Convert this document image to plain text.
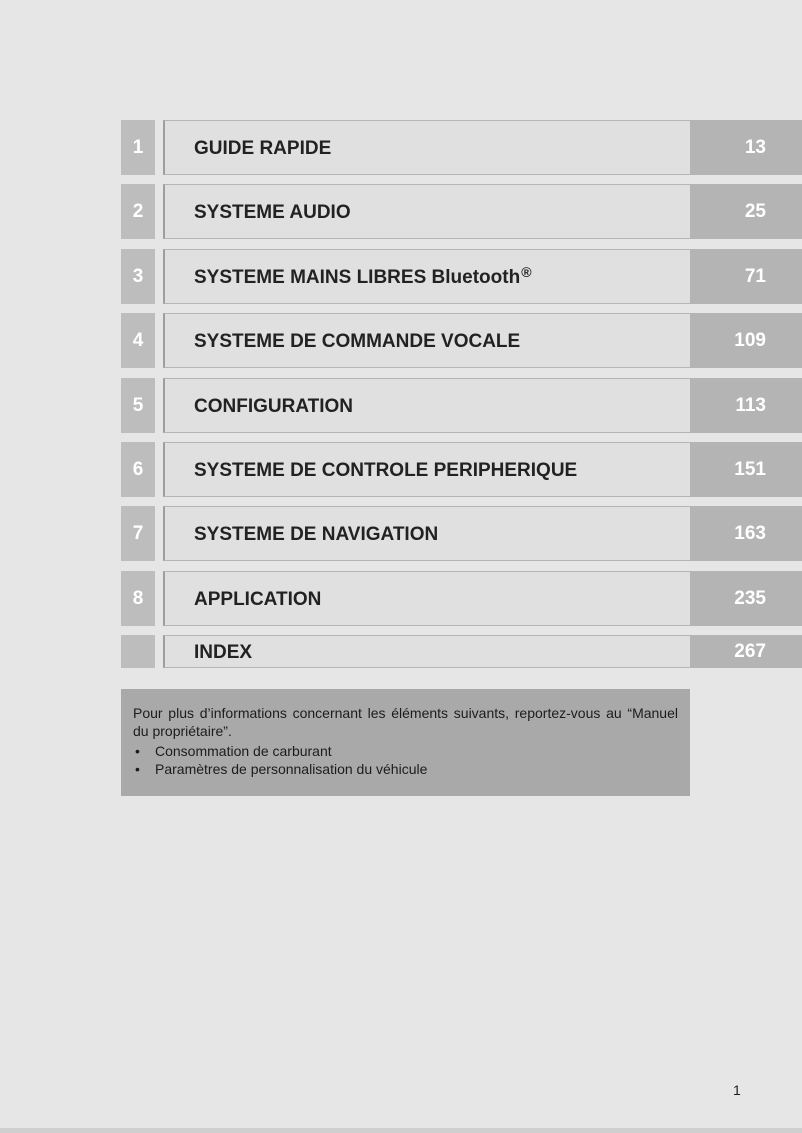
1	GUIDE RAPIDE	13
2	SYSTEME AUDIO	25
3	SYSTEME MAINS LIBRES Bluetooth®	71
4	SYSTEME DE COMMANDE VOCALE	109
5	CONFIGURATION	113
6	SYSTEME DE CONTROLE PERIPHERIQUE	151
7	SYSTEME DE NAVIGATION	163
8	APPLICATION	235
INDEX	267

Pour plus d’informations concernant les éléments suivants, reportez-vous au “Manuel du propriétaire”.

• Consommation de carburant
• Paramètres de personnalisation du véhicule
1
